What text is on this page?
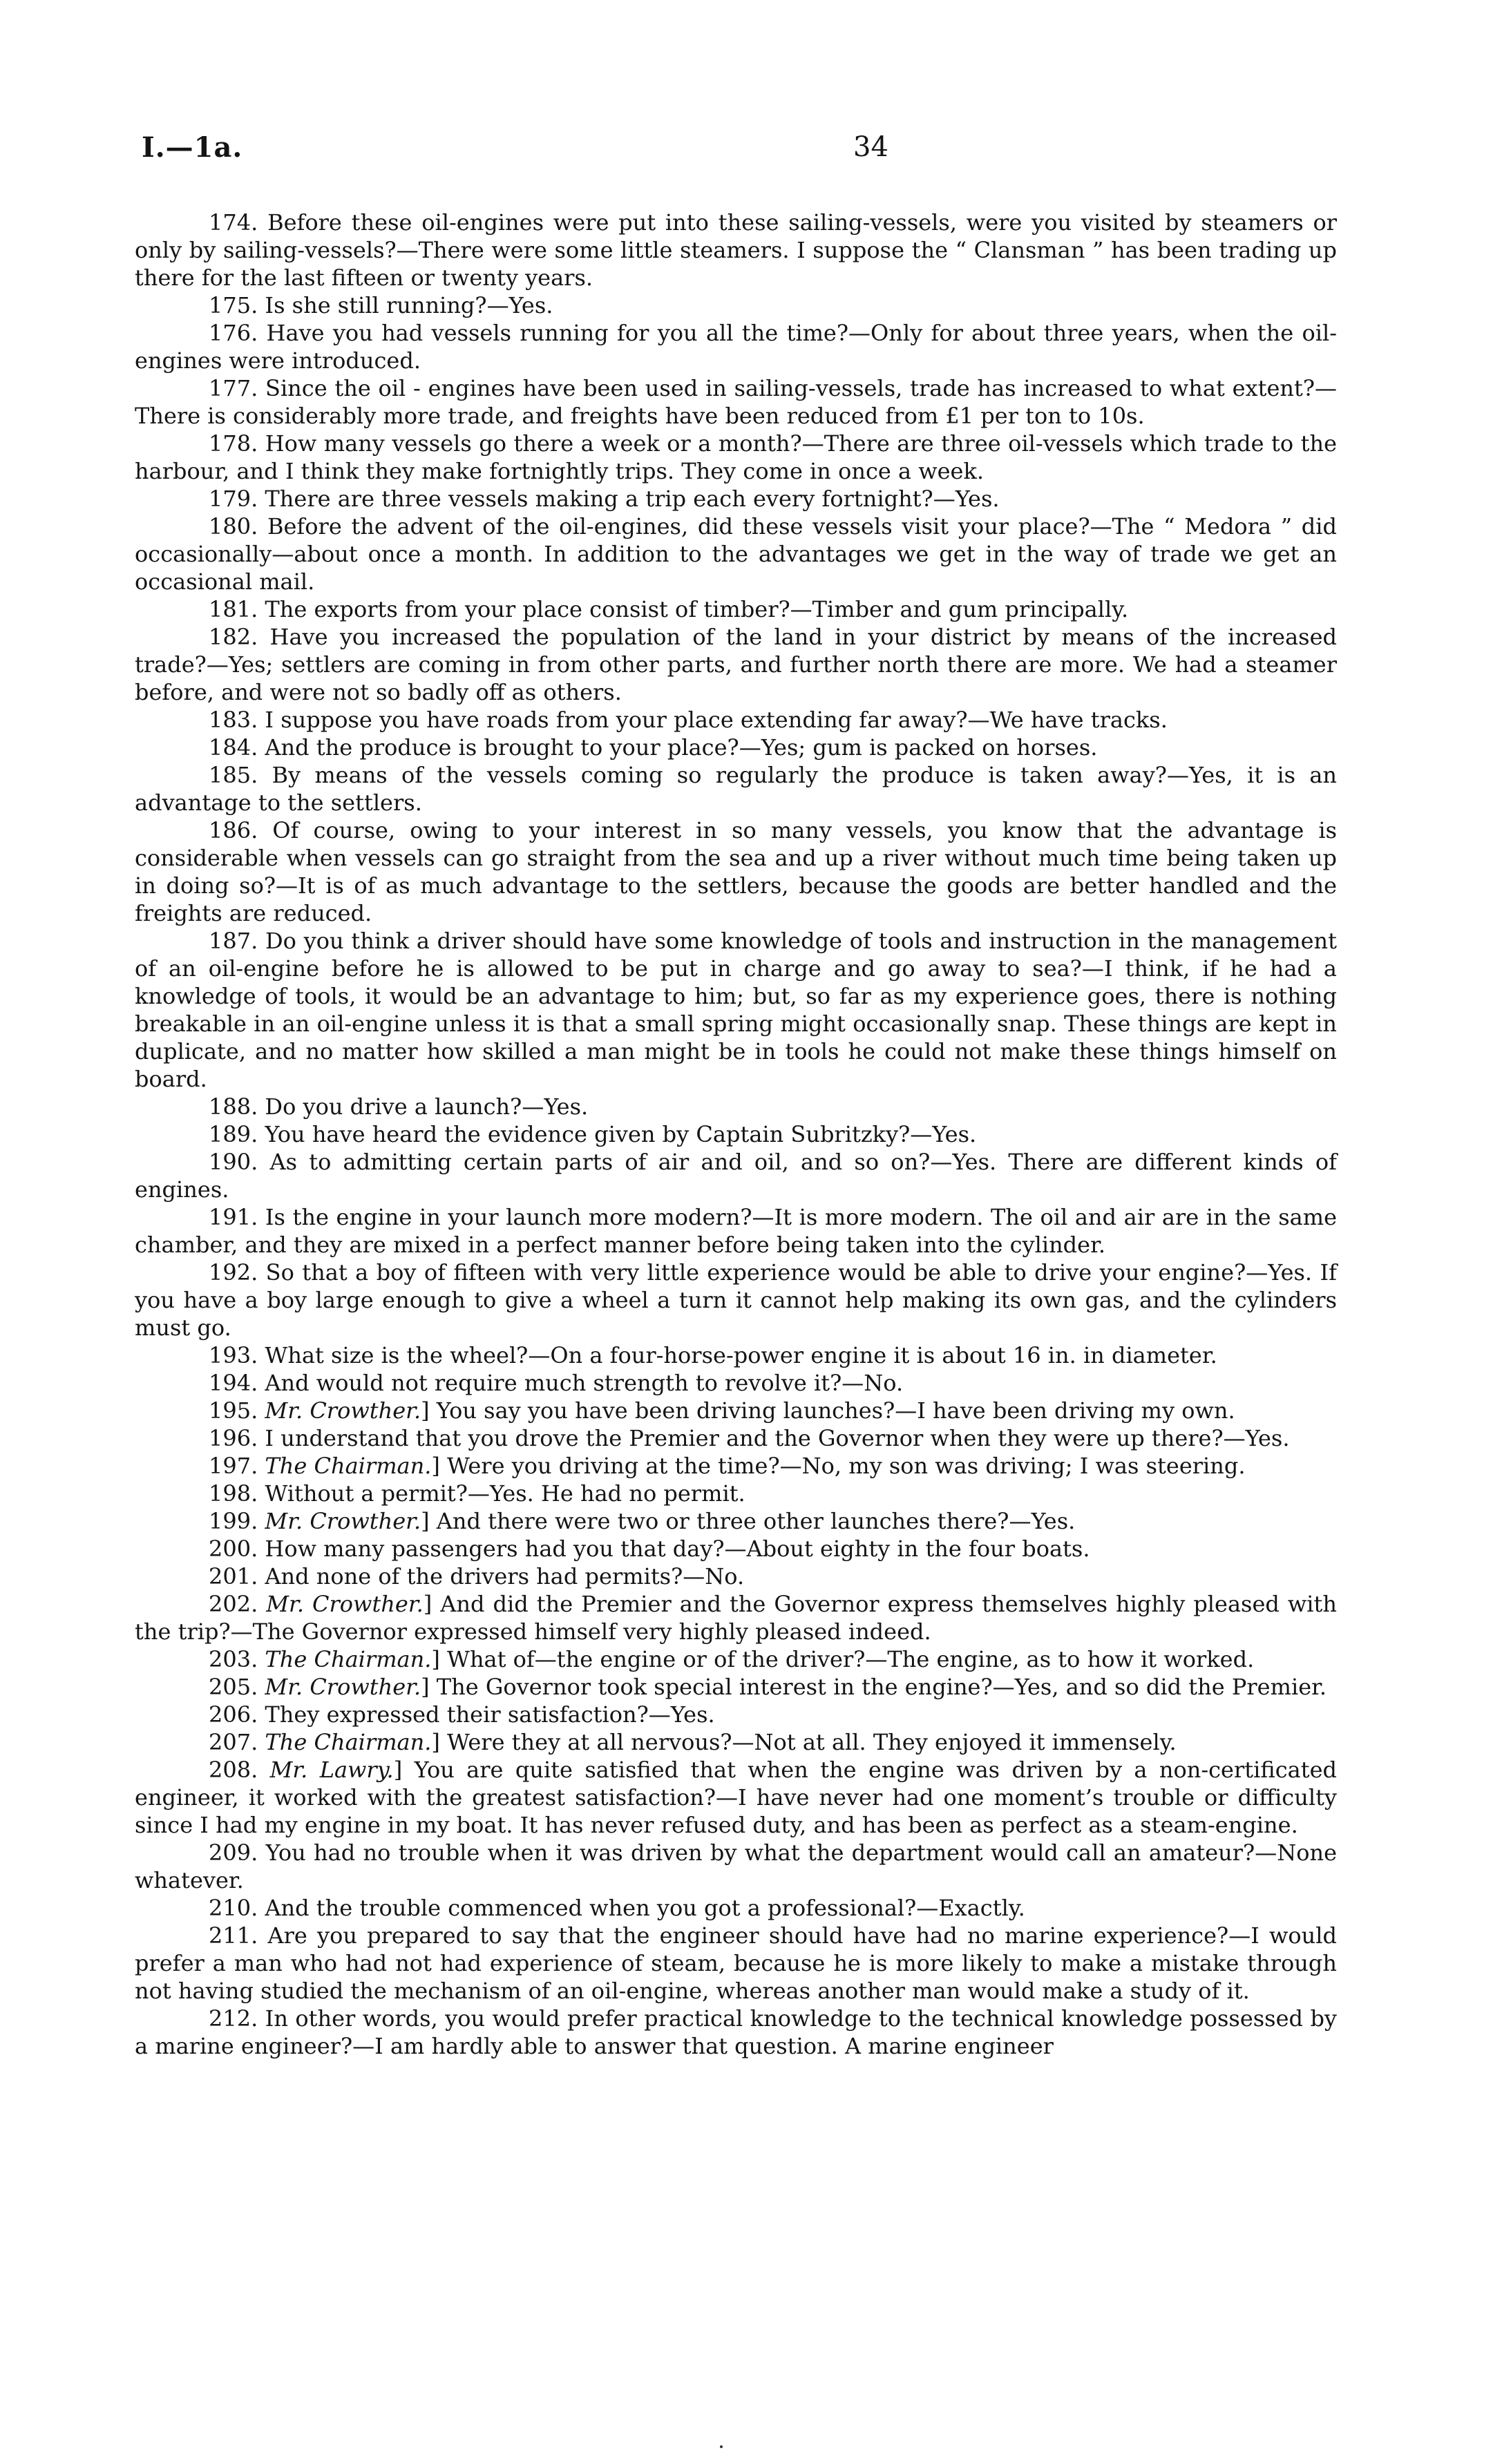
I.—1a.	34

174. Before these oil-engines were put into these sailing-vessels, were you visited by steamers or only by sailing-vessels?—There were some little steamers. I suppose the “ Clansman ” has been trading up there for the last fifteen or twenty years.

175. Is she still running?—Yes.

176. Have you had vessels running for you all the time?—Only for about three years, when the oil-engines were introduced.

177. Since the oil - engines have been used in sailing-vessels, trade has increased to what extent?—There is considerably more trade, and freights have been reduced from £1 per ton to 10s.

178. How many vessels go there a week or a month?—There are three oil-vessels which trade to the harbour, and I think they make fortnightly trips. They come in once a week.

179. There are three vessels making a trip each every fortnight?—Yes.

180. Before the advent of the oil-engines, did these vessels visit your place?—The “ Medora ” did occasionally—about once a month. In addition to the advantages we get in the way of trade we get an occasional mail.

181. The exports from your place consist of timber?—Timber and gum principally.

182. Have you increased the population of the land in your district by means of the increased trade?—Yes; settlers are coming in from other parts, and further north there are more. We had a steamer before, and were not so badly off as others.

183. I suppose you have roads from your place extending far away?—We have tracks.

184. And the produce is brought to your place?—Yes; gum is packed on horses.

185. By means of the vessels coming so regularly the produce is taken away?—Yes, it is an advantage to the settlers.

186. Of course, owing to your interest in so many vessels, you know that the advantage is considerable when vessels can go straight from the sea and up a river without much time being taken up in doing so?—It is of as much advantage to the settlers, because the goods are better handled and the freights are reduced.

187. Do you think a driver should have some knowledge of tools and instruction in the management of an oil-engine before he is allowed to be put in charge and go away to sea?—I think, if he had a knowledge of tools, it would be an advantage to him; but, so far as my experience goes, there is nothing breakable in an oil-engine unless it is that a small spring might occasionally snap. These things are kept in duplicate, and no matter how skilled a man might be in tools he could not make these things himself on board.

188. Do you drive a launch?—Yes.

189. You have heard the evidence given by Captain Subritzky?—Yes.

190. As to admitting certain parts of air and oil, and so on?—Yes. There are different kinds of engines.

191. Is the engine in your launch more modern?—It is more modern. The oil and air are in the same chamber, and they are mixed in a perfect manner before being taken into the cylinder.

192. So that a boy of fifteen with very little experience would be able to drive your engine?—Yes. If you have a boy large enough to give a wheel a turn it cannot help making its own gas, and the cylinders must go.

193. What size is the wheel?—On a four-horse-power engine it is about 16 in. in diameter.

194. And would not require much strength to revolve it?—No.

195. Mr. Crowther.] You say you have been driving launches?—I have been driving my own.

196. I understand that you drove the Premier and the Governor when they were up there?—Yes.

197. The Chairman.] Were you driving at the time?—No, my son was driving; I was steering.

198. Without a permit?—Yes. He had no permit.

199. Mr. Crowther.] And there were two or three other launches there?—Yes.

200. How many passengers had you that day?—About eighty in the four boats.

201. And none of the drivers had permits?—No.

202. Mr. Crowther.] And did the Premier and the Governor express themselves highly pleased with the trip?—The Governor expressed himself very highly pleased indeed.

203. The Chairman.] What of—the engine or of the driver?—The engine, as to how it worked.

205. Mr. Crowther.] The Governor took special interest in the engine?—Yes, and so did the Premier.

206. They expressed their satisfaction?—Yes.

207. The Chairman.] Were they at all nervous?—Not at all. They enjoyed it immensely.

208. Mr. Lawry.] You are quite satisfied that when the engine was driven by a non-certificated engineer, it worked with the greatest satisfaction?—I have never had one moment’s trouble or difficulty since I had my engine in my boat. It has never refused duty, and has been as perfect as a steam-engine.

209. You had no trouble when it was driven by what the department would call an amateur?—None whatever.

210. And the trouble commenced when you got a professional?—Exactly.

211. Are you prepared to say that the engineer should have had no marine experience?—I would prefer a man who had not had experience of steam, because he is more likely to make a mistake through not having studied the mechanism of an oil-engine, whereas another man would make a study of it.

212. In other words, you would prefer practical knowledge to the technical knowledge possessed by a marine engineer?—I am hardly able to answer that question. A marine engineer
